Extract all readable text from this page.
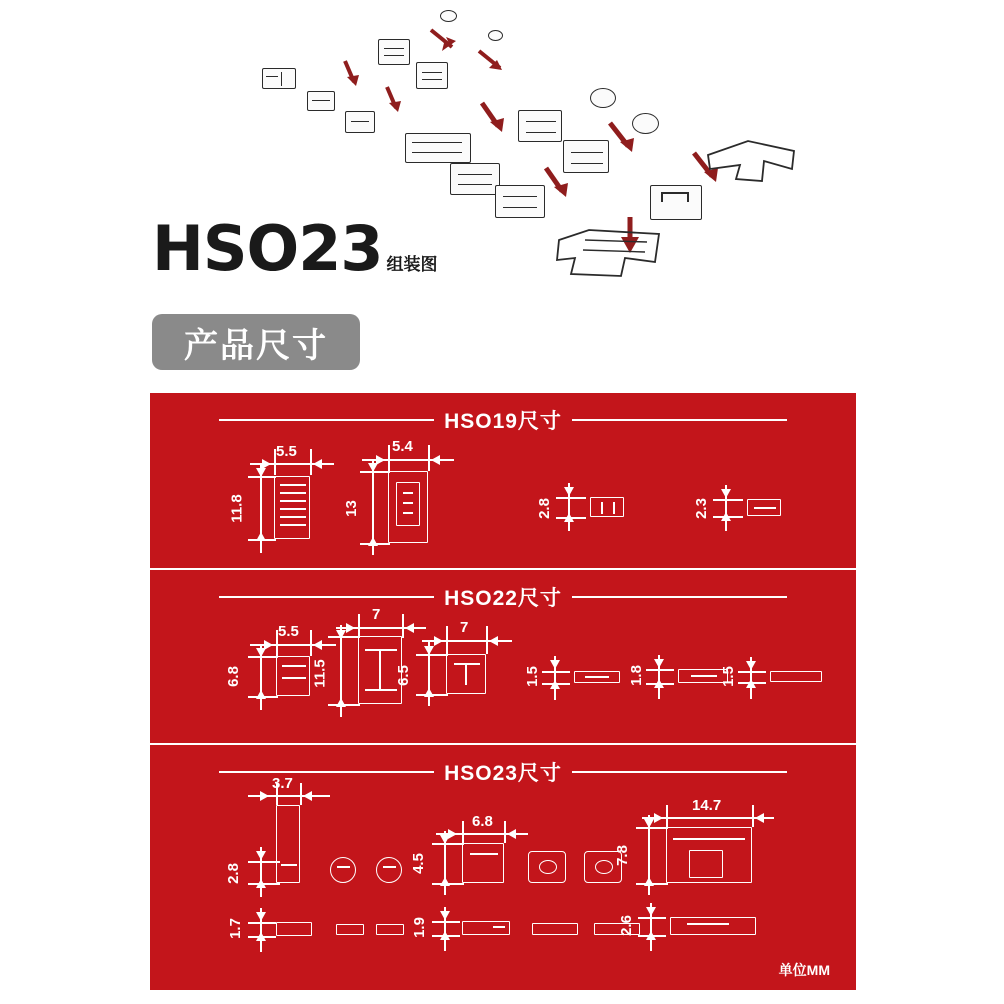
HSO23 组装图
产品尺寸
HSO19尺寸
5.5
11.8
5.4
13	2.8	2.3
HSO22尺寸
5.5
6.8
7
11.5
7
6.5	1.5	1.8	1.5
HSO23尺寸
3.7
2.8
6.8
4.5
14.7
7.8
1.7	1.9	2.6
单位MM
